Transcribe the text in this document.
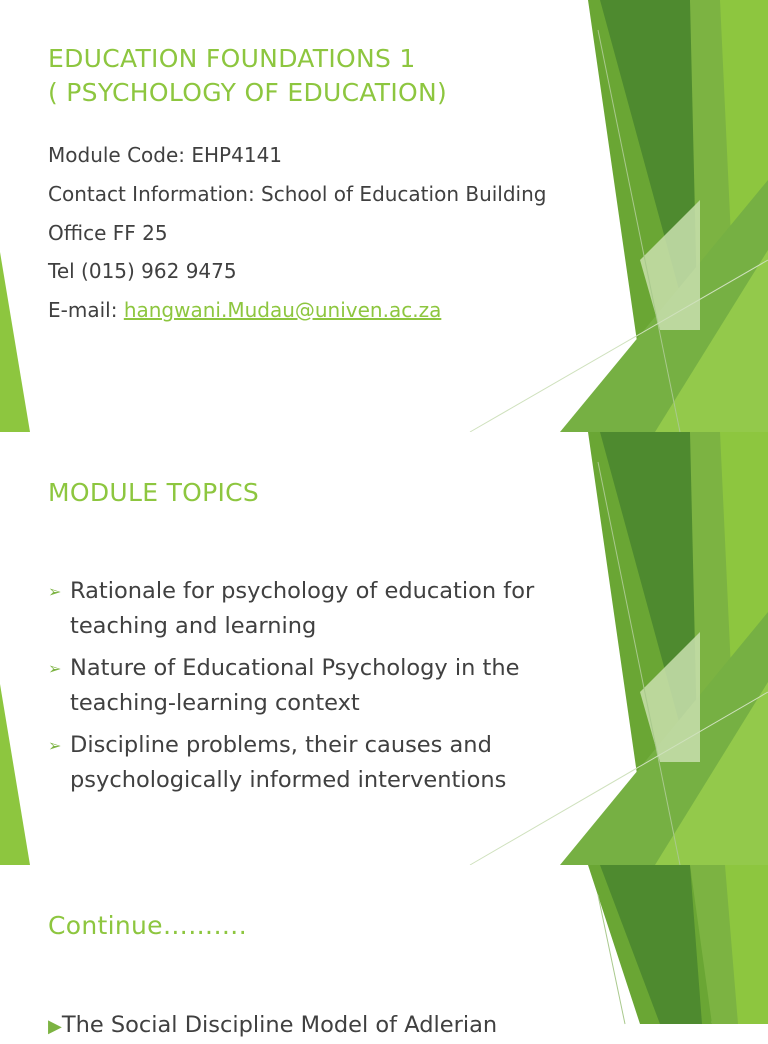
EDUCATION FOUNDATIONS 1
( PSYCHOLOGY OF EDUCATION)

Module Code: EHP4141

Contact Information: School of Education Building

Office FF 25

Tel (015) 962 9475

E-mail: hangwani.Mudau@univen.ac.za

MODULE TOPICS
➢ Rationale for psychology of education for
teaching and learning
➢ Nature of Educational Psychology in the
teaching-learning context
➢ Discipline problems, their causes and
psychologically informed interventions
Continue……….
▶The Social Discipline Model of Adlerian
